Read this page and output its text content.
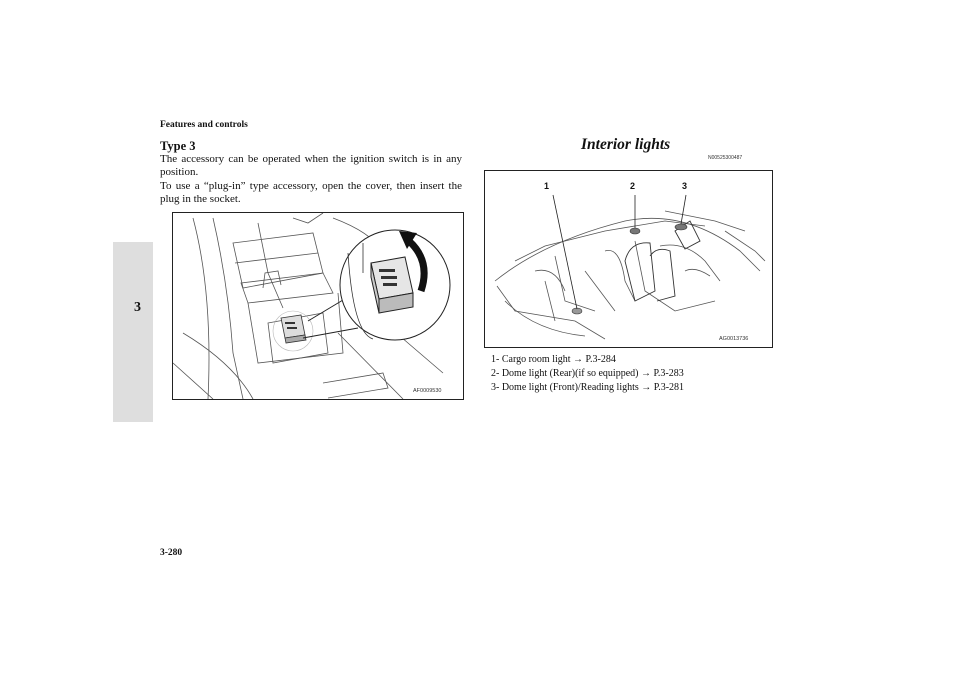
Features and controls
3
Type 3

The accessory can be operated when the ignition switch is in any position.

To use a “plug-in” type accessory, open the cover, then insert the plug in the socket.

AF0009530
Interior lights
N00525300487
1	2	3
AG0013736
1- Cargo room light → P.3-284
2- Dome light (Rear)(if so equipped) → P.3-283
3- Dome light (Front)/Reading lights → P.3-281
3-280
